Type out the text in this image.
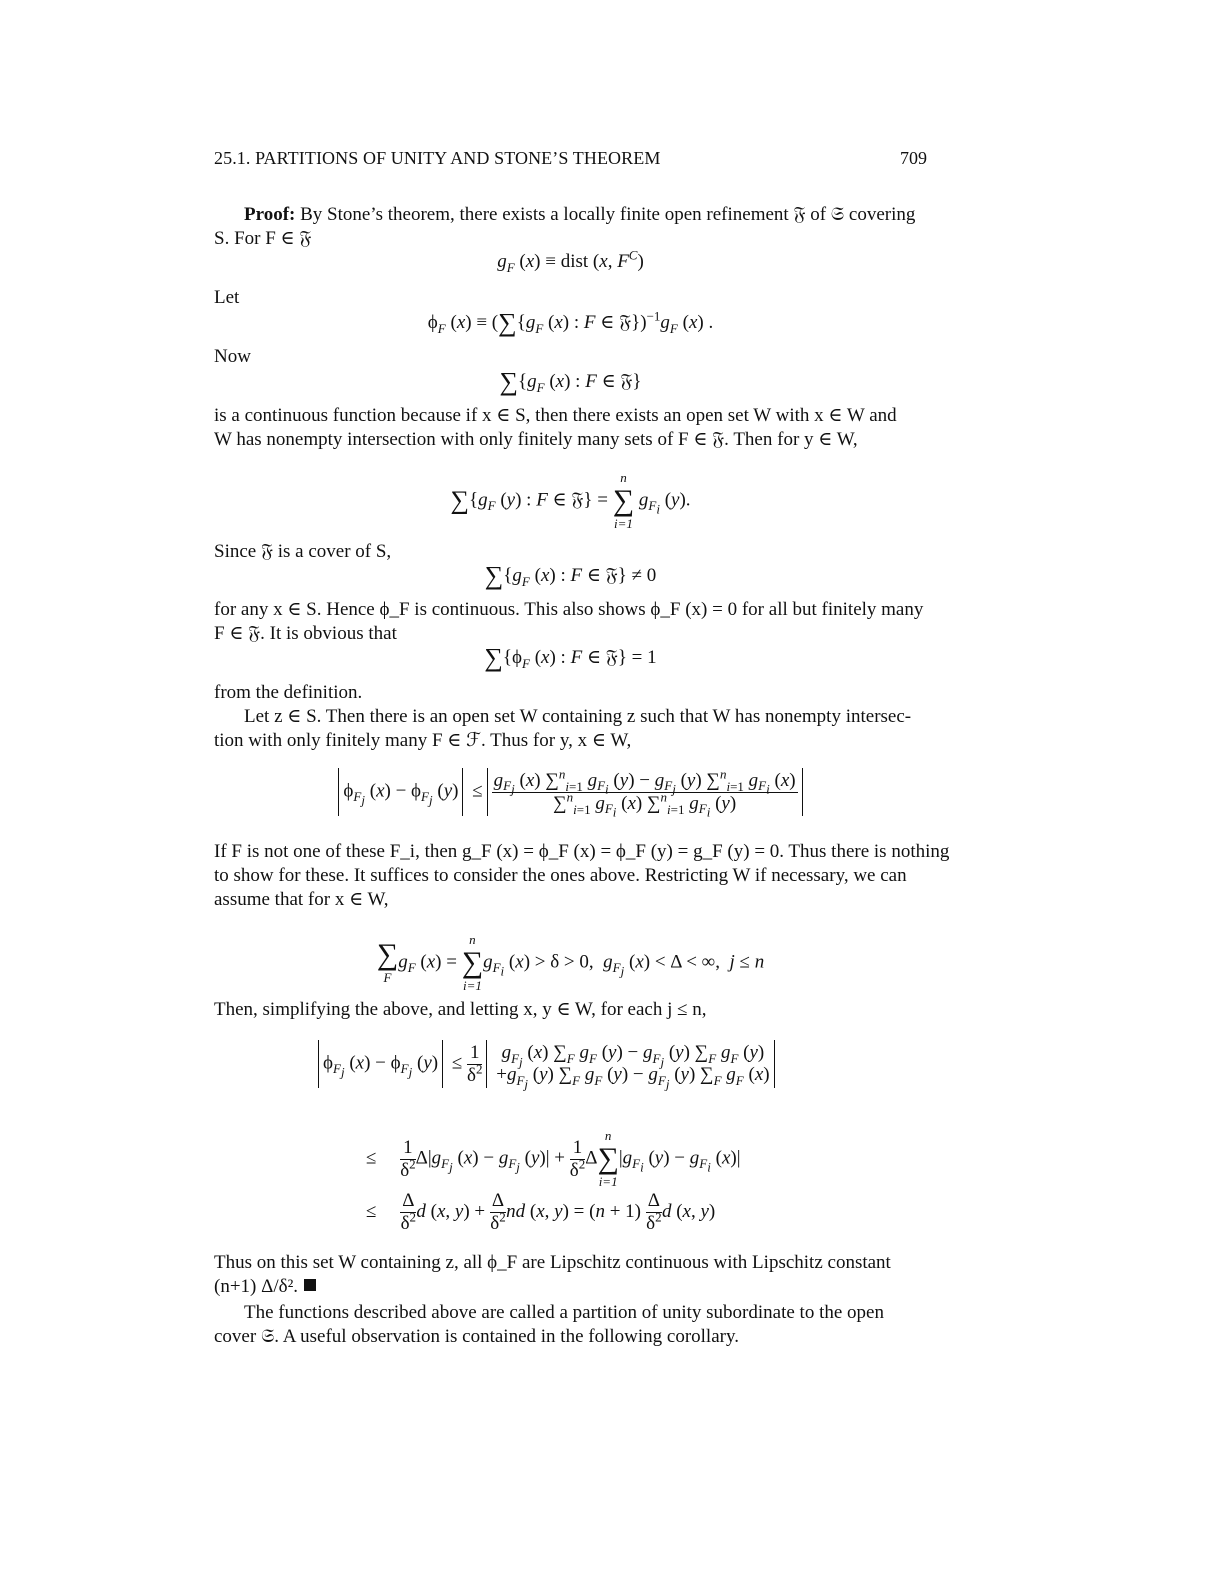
25.1. PARTITIONS OF UNITY AND STONE’S THEOREM	709
Proof: By Stone’s theorem, there exists a locally finite open refinement 𝔉 of 𝔖 covering
S. For F ∈ 𝔉
$g_F$ (x) ≡ dist (x, $F^C$)
Let
$\phi_F$ $(x) \equiv (\sum\{g_F$ (x) : F ∈ $𝔉\})^{-1}g_F$ (x) .
Now
$\sum\{g_F$ (x) : F ∈ 𝔉}
is a continuous function because if x ∈ S, then there exists an open set W with x ∈ W and
W has nonempty intersection with only finitely many sets of F ∈ 𝔉. Then for y ∈ W,
$\sum\{g_F$ (y) : F ∈ 𝔉} =
n
∑
i=1
$g_{F_i}$ (y).
Since 𝔉 is a cover of S,
$\sum\{g_F$ (x) : F ∈ 𝔉} ≠ 0
for any x ∈ S. Hence ϕ_F is continuous. This also shows ϕ_F (x) = 0 for all but finitely many
F ∈ 𝔉. It is obvious that
$\sum\{\phi_F$ (x) : F ∈ 𝔉} = 1
from the definition.
Let z ∈ S. Then there is an open set W containing z such that W has nonempty intersec-
tion with only finitely many F ∈ ℱ. Thus for y, x ∈ W,
$\phi_{F_j}$ $(x) - \phi_{F_j}$ $(y) \le \frac{g_{F_j} (x) \sum^n_{i=1} g_{F_i} (y) - g_{F_j} (y) \sum^n_{i=1} g_{F_i} (x)}{\sum^n_{i=1} g_{F_i} (x) \sum^n_{i=1} g_{F_i} (y)}$
If F is not one of these F_i, then g_F (x) = ϕ_F (x) = ϕ_F (y) = g_F (y) = 0. Thus there is nothing
to show for these. It suffices to consider the ones above. Restricting W if necessary, we can
assume that for x ∈ W,
∑
F
$g_F$ (x) =
n
∑
i=1
$g_{F_i}$ (x) > δ > 0,  $g_{F_j}$ (x) < Δ < ∞,  j ≤ n
Then, simplifying the above, and letting x, y ∈ W, for each j ≤ n,
$\phi_{F_j}$ $(x) - \phi_{F_j}$ $(y) \le \frac{1}{\delta^2}$
$g_{F_j}$ (x) $\sum_F$ $g_F$ $(y) - g_{F_j}$ (y) $\sum_F$ $g_F$ (y)
$+g_{F_j}$ (y) $\sum_F$ $g_F$ $(y) - g_{F_j}$ (y) $\sum_F$ $g_F$ (x)
≤ $\frac{1}{\delta^2} \Delta|g_{F_j}$ $(x) - g_{F_j}$ $(y)| + \frac{1}{\delta^2}$ Δ
n
∑
i=1
$|g_{F_i}$ $(y) - g_{F_i}$ (x)|
≤ $\frac{\Delta}{\delta^2}$ d (x, $y) + \frac{\Delta}{\delta^2}$ nd (x, $y) = (n + 1) \frac{\Delta}{\delta^2}$ d (x, y)
Thus on this set W containing z, all ϕ_F are Lipschitz continuous with Lipschitz constant
(n+1) Δ/δ².
The functions described above are called a partition of unity subordinate to the open
cover 𝔖. A useful observation is contained in the following corollary.
